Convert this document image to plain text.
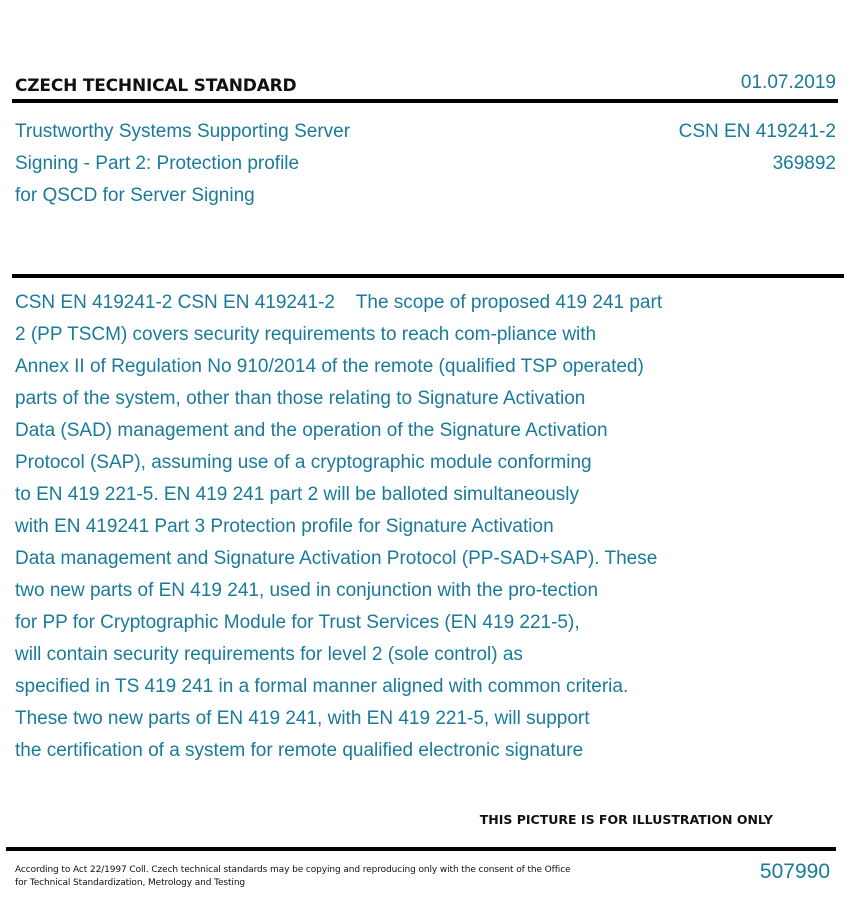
CZECH TECHNICAL STANDARD	01.07.2019
Trustworthy Systems Supporting Server
Signing - Part 2: Protection profile
for QSCD for Server Signing
CSN EN 419241-2
369892
CSN EN 419241-2 CSN EN 419241-2    The scope of proposed 419 241 part
2 (PP TSCM) covers security requirements to reach com-pliance with
Annex II of Regulation No 910/2014 of the remote (qualified TSP operated)
parts of the system, other than those relating to Signature Activation
Data (SAD) management and the operation of the Signature Activation
Protocol (SAP), assuming use of a cryptographic module conforming
to EN 419 221-5. EN 419 241 part 2 will be balloted simultaneously
with EN 419241 Part 3 Protection profile for Signature Activation
Data management and Signature Activation Protocol (PP-SAD+SAP). These
two new parts of EN 419 241, used in conjunction with the pro-tection
for PP for Cryptographic Module for Trust Services (EN 419 221-5),
will contain security requirements for level 2 (sole control) as
specified in TS 419 241 in a formal manner aligned with common criteria.
These two new parts of EN 419 241, with EN 419 221-5, will support
the certification of a system for remote qualified electronic signature
THIS PICTURE IS FOR ILLUSTRATION ONLY
According to Act 22/1997 Coll. Czech technical standards may be copying and reproducing only with the consent of the Office
for Technical Standardization, Metrology and Testing	507990
